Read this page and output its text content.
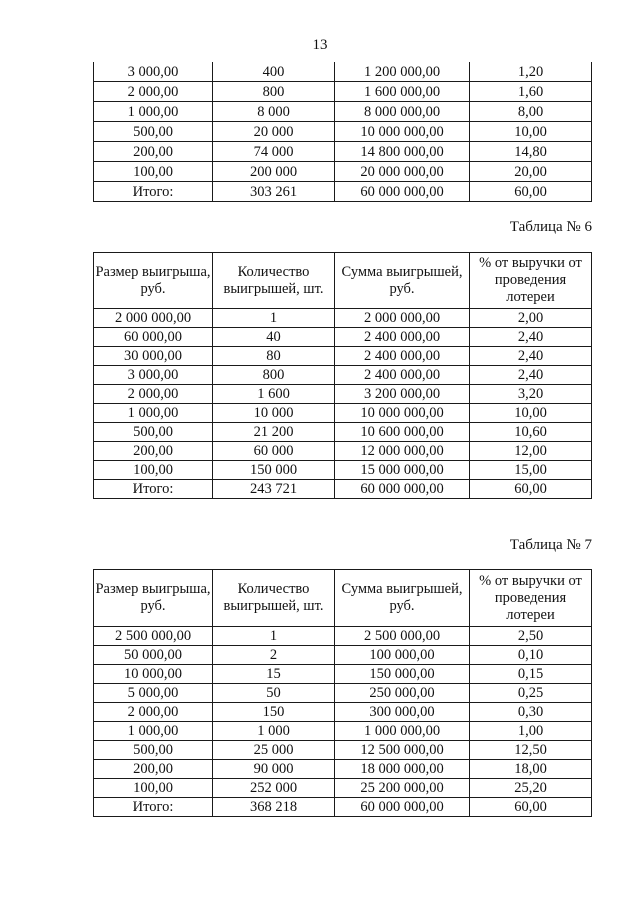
13
3 000,00	400	1 200 000,00	1,20
2 000,00	800	1 600 000,00	1,60
1 000,00	8 000	8 000 000,00	8,00
500,00	20 000	10 000 000,00	10,00
200,00	74 000	14 800 000,00	14,80
100,00	200 000	20 000 000,00	20,00
Итого:	303 261	60 000 000,00	60,00
Таблица № 6
Размер выигрыша, руб.	Количество выигрышей, шт.	Сумма выигрышей, руб.	% от выручки от проведения лотереи
2 000 000,00	1	2 000 000,00	2,00
60 000,00	40	2 400 000,00	2,40
30 000,00	80	2 400 000,00	2,40
3 000,00	800	2 400 000,00	2,40
2 000,00	1 600	3 200 000,00	3,20
1 000,00	10 000	10 000 000,00	10,00
500,00	21 200	10 600 000,00	10,60
200,00	60 000	12 000 000,00	12,00
100,00	150 000	15 000 000,00	15,00
Итого:	243 721	60 000 000,00	60,00
Таблица № 7
Размер выигрыша, руб.	Количество выигрышей, шт.	Сумма выигрышей, руб.	% от выручки от проведения лотереи
2 500 000,00	1	2 500 000,00	2,50
50 000,00	2	100 000,00	0,10
10 000,00	15	150 000,00	0,15
5 000,00	50	250 000,00	0,25
2 000,00	150	300 000,00	0,30
1 000,00	1 000	1 000 000,00	1,00
500,00	25 000	12 500 000,00	12,50
200,00	90 000	18 000 000,00	18,00
100,00	252 000	25 200 000,00	25,20
Итого:	368 218	60 000 000,00	60,00
